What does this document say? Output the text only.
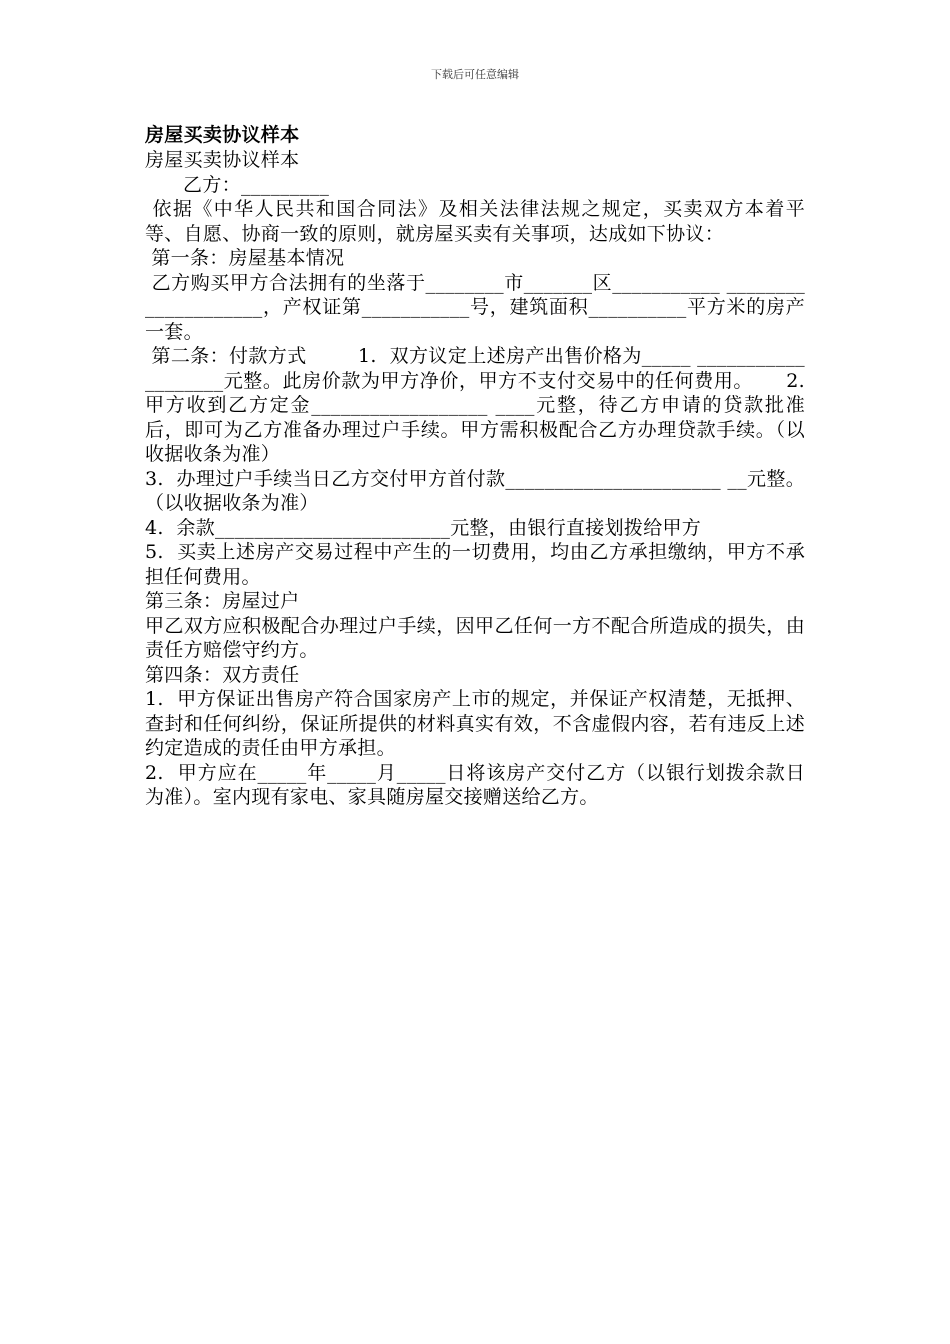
下载后可任意编辑

房屋买卖协议样本

房屋买卖协议样本

乙方：_________

依据《中华人民共和国合同法》及相关法律法规之规定，买卖双方本着平等、自愿、协商一致的原则，就房屋买卖有关事项，达成如下协议：

第一条：房屋基本情况

乙方购买甲方合法拥有的坐落于________市_______区___________ ____________________，产权证第___________号，建筑面积__________平方米的房产一套。

第二条：付款方式        1.  双方议定上述房产出售价格为_____ ___________________元整。此房价款为甲方净价，甲方不支付交易中的任何费用。     2.  甲方收到乙方定金__________________ ____元整，待乙方申请的贷款批准后，即可为乙方准备办理过户手续。甲方需积极配合乙方办理贷款手续。（以收据收条为准）

3.  办理过户手续当日乙方交付甲方首付款______________________ __元整。（以收据收条为准）

4.  余款________________________元整，由银行直接划拨给甲方

5.  买卖上述房产交易过程中产生的一切费用，均由乙方承担缴纳，甲方不承担任何费用。

第三条：房屋过户

甲乙双方应积极配合办理过户手续，因甲乙任何一方不配合所造成的损失，由责任方赔偿守约方。

第四条：双方责任

1.  甲方保证出售房产符合国家房产上市的规定，并保证产权清楚，无抵押、查封和任何纠纷，保证所提供的材料真实有效，不含虚假内容，若有违反上述约定造成的责任由甲方承担。

2.  甲方应在_____年_____月_____日将该房产交付乙方（以银行划拨余款日为准）。室内现有家电、家具随房屋交接赠送给乙方。
